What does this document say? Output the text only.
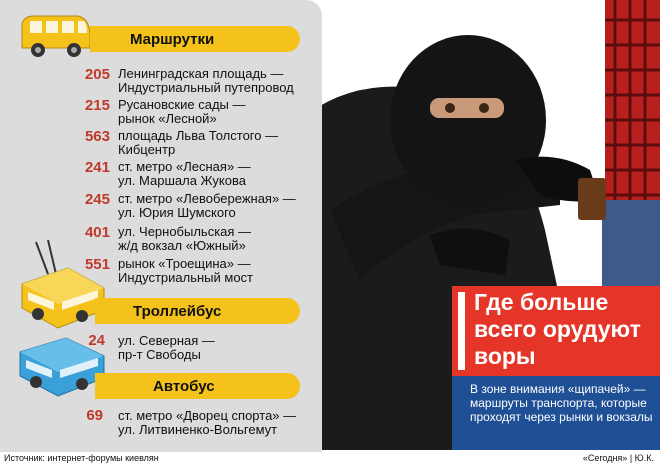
Маршрутки
205 Ленинградская площадь —
Индустриальный путепровод
215 Русановские сады —
рынок «Лесной»
563 площадь Льва Толстого —
Кибцентр
241 ст. метро «Лесная» —
ул. Маршала Жукова
245 ст. метро «Левобережная» —
ул. Юрия Шумского
401 ул. Чернобыльская —
ж/д вокзал «Южный»
551 рынок «Троещина» —
Индустриальный мост
Троллейбус
24 ул. Северная —
пр-т Свободы
Автобус
69 ст. метро «Дворец спорта» —
ул. Литвиненко-Вольгемут
Где больше всего орудуют воры
В зоне внимания «щипачей» — маршруты транспорта, которые проходят через рынки и вокзалы
Источник: интернет-форумы киевлян	«Сегодня» | Ю.К.
